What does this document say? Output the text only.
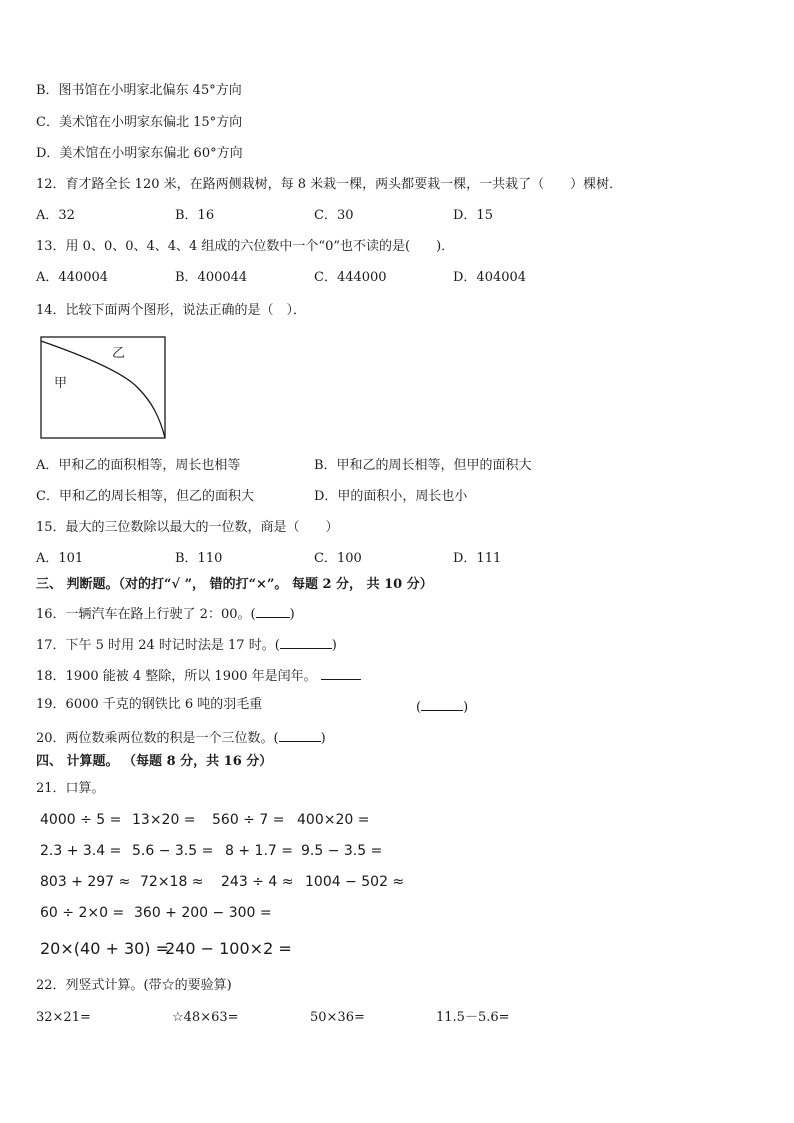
B．图书馆在小明家北偏东 45°方向
C．美术馆在小明家东偏北 15°方向
D．美术馆在小明家东偏北 60°方向
12．育才路全长 120 米，在路两侧栽树，每 8 米栽一棵，两头都要栽一棵，一共栽了（　　）棵树．
A．32	B．16	C．30	D．15
13．用 0、0、0、4、4、4 组成的六位数中一个“0”也不读的是(　　)．
A．440004	B．400044	C．444000	D．404004
14．比较下面两个图形，说法正确的是（　）．
乙
甲
A．甲和乙的面积相等，周长也相等	B．甲和乙的周长相等，但甲的面积大
C．甲和乙的周长相等，但乙的面积大	D．甲的面积小，周长也小
15．最大的三位数除以最大的一位数，商是（　　）
A．101	B．110	C．100	D．111
三、 判断题。（对的打“√ ”， 错的打“×”。 每题 2 分， 共 10 分）
16．一辆汽车在路上行驶了 2：00。(	)
17．下午 5 时用 24 时记时法是 17 时。(	)
18．1900 能被 4 整除，所以 1900 年是闰年。
19．6000 千克的钢铁比 6 吨的羽毛重	(	)
20．两位数乘两位数的积是一个三位数。(	)
四、 计算题。 （每题 8 分，共 16 分）
21．口算。
4000 ÷ 5 = 13×20 = 560 ÷ 7 = 400×20 =
2.3 + 3.4 = 5.6 − 3.5 = 8 + 1.7 = 9.5 − 3.5 =
803 + 297 ≈ 72×18 ≈ 243 ÷ 4 ≈ 1004 − 502 ≈
60 ÷ 2×0 = 360 + 200 − 300 =
20×(40 + 30) =
240 − 100×2 =
22．列竖式计算。(带☆的要验算)
32×21=	☆48×63=	50×36=	11.5－5.6=
